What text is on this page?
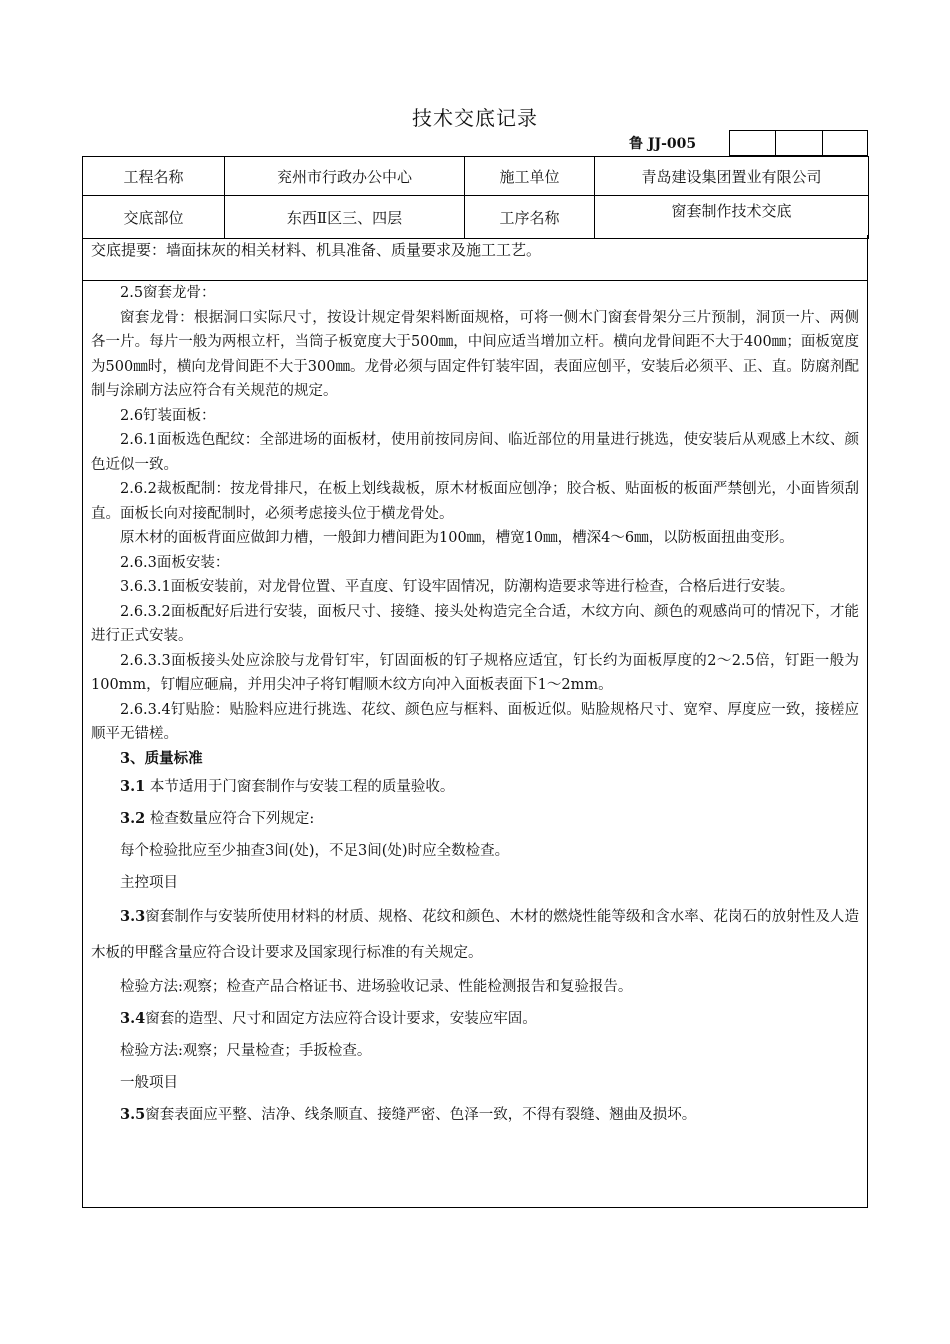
技术交底记录
鲁 JJ-005
工程名称	兖州市行政办公中心	施工单位	青岛建设集团置业有限公司
交底部位	东西Ⅱ区三、四层	工序名称	窗套制作技术交底
交底提要：墙面抹灰的相关材料、机具准备、质量要求及施工工艺。

2.5窗套龙骨：

窗套龙骨：根据洞口实际尺寸，按设计规定骨架料断面规格，可将一侧木门窗套骨架分三片预制，洞顶一片、两侧各一片。每片一般为两根立杆，当筒子板宽度大于500㎜，中间应适当增加立杆。横向龙骨间距不大于400㎜；面板宽度为500㎜时，横向龙骨间距不大于300㎜。龙骨必须与固定件钉装牢固，表面应刨平，安装后必须平、正、直。防腐剂配制与涂刷方法应符合有关规范的规定。

2.6钉装面板：

2.6.1面板选色配纹：全部进场的面板材，使用前按同房间、临近部位的用量进行挑选，使安装后从观感上木纹、颜色近似一致。

2.6.2裁板配制：按龙骨排尺，在板上划线裁板，原木材板面应刨净；胶合板、贴面板的板面严禁刨光，小面皆须刮直。面板长向对接配制时，必须考虑接头位于横龙骨处。

原木材的面板背面应做卸力槽，一般卸力槽间距为100㎜，槽宽10㎜，槽深4～6㎜，以防板面扭曲变形。

2.6.3面板安装：

3.6.3.1面板安装前，对龙骨位置、平直度、钉设牢固情况，防潮构造要求等进行检查，合格后进行安装。

2.6.3.2面板配好后进行安装，面板尺寸、接缝、接头处构造完全合适，木纹方向、颜色的观感尚可的情况下，才能进行正式安装。

2.6.3.3面板接头处应涂胶与龙骨钉牢，钉固面板的钉子规格应适宜，钉长约为面板厚度的2～2.5倍，钉距一般为100mm，钉帽应砸扁，并用尖冲子将钉帽顺木纹方向冲入面板表面下1～2mm。

2.6.3.4钉贴脸：贴脸料应进行挑选、花纹、颜色应与框料、面板近似。贴脸规格尺寸、宽窄、厚度应一致，接槎应顺平无错槎。

3、质量标准

3.1 本节适用于门窗套制作与安装工程的质量验收。

3.2 检查数量应符合下列规定:

每个检验批应至少抽查3间(处)，不足3间(处)时应全数检查。

主控项目

3.3窗套制作与安装所使用材料的材质、规格、花纹和颜色、木材的燃烧性能等级和含水率、花岗石的放射性及人造木板的甲醛含量应符合设计要求及国家现行标准的有关规定。

检验方法:观察；检查产品合格证书、进场验收记录、性能检测报告和复验报告。

3.4窗套的造型、尺寸和固定方法应符合设计要求，安装应牢固。

检验方法:观察；尺量检查；手扳检查。

一般项目

3.5窗套表面应平整、洁净、线条顺直、接缝严密、色泽一致，不得有裂缝、翘曲及损坏。
